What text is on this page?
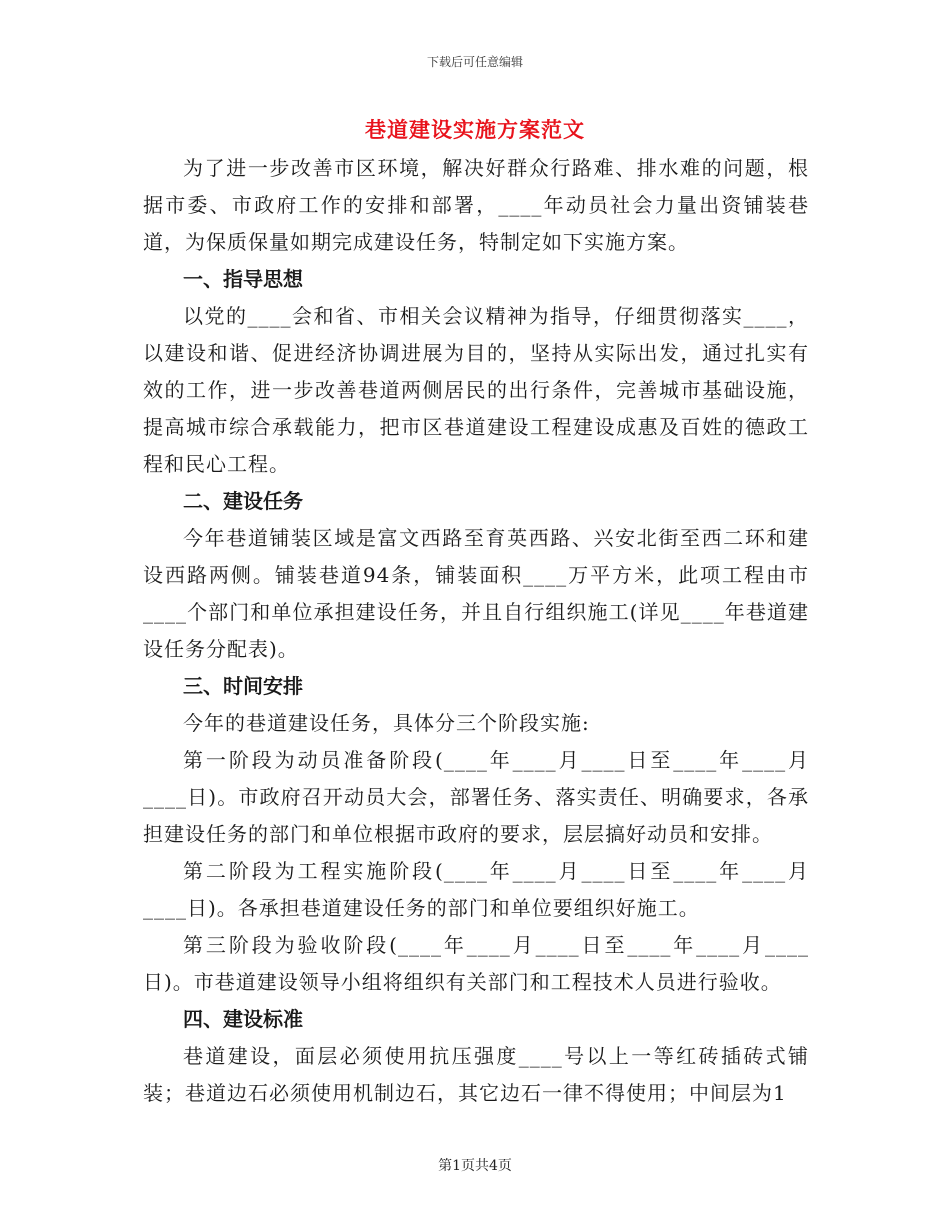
下载后可任意编辑
巷道建设实施方案范文

为了进一步改善市区环境，解决好群众行路难、排水难的问题，根据市委、市政府工作的安排和部署，____年动员社会力量出资铺装巷道，为保质保量如期完成建设任务，特制定如下实施方案。

一、指导思想

以党的____会和省、市相关会议精神为指导，仔细贯彻落实____，以建设和谐、促进经济协调进展为目的，坚持从实际出发，通过扎实有效的工作，进一步改善巷道两侧居民的出行条件，完善城市基础设施，提高城市综合承载能力，把市区巷道建设工程建设成惠及百姓的德政工程和民心工程。

二、建设任务

今年巷道铺装区域是富文西路至育英西路、兴安北街至西二环和建设西路两侧。铺装巷道94条，铺装面积____万平方米，此项工程由市____个部门和单位承担建设任务，并且自行组织施工(详见____年巷道建设任务分配表)。

三、时间安排

今年的巷道建设任务，具体分三个阶段实施:

第一阶段为动员准备阶段(____年____月____日至____年____月____日)。市政府召开动员大会，部署任务、落实责任、明确要求，各承担建设任务的部门和单位根据市政府的要求，层层搞好动员和安排。

第二阶段为工程实施阶段(____年____月____日至____年____月____日)。各承担巷道建设任务的部门和单位要组织好施工。

第三阶段为验收阶段(____年____月____日至____年____月____日)。市巷道建设领导小组将组织有关部门和工程技术人员进行验收。

四、建设标准

巷道建设，面层必须使用抗压强度____号以上一等红砖插砖式铺装；巷道边石必须使用机制边石，其它边石一律不得使用；中间层为1

第1页共4页
